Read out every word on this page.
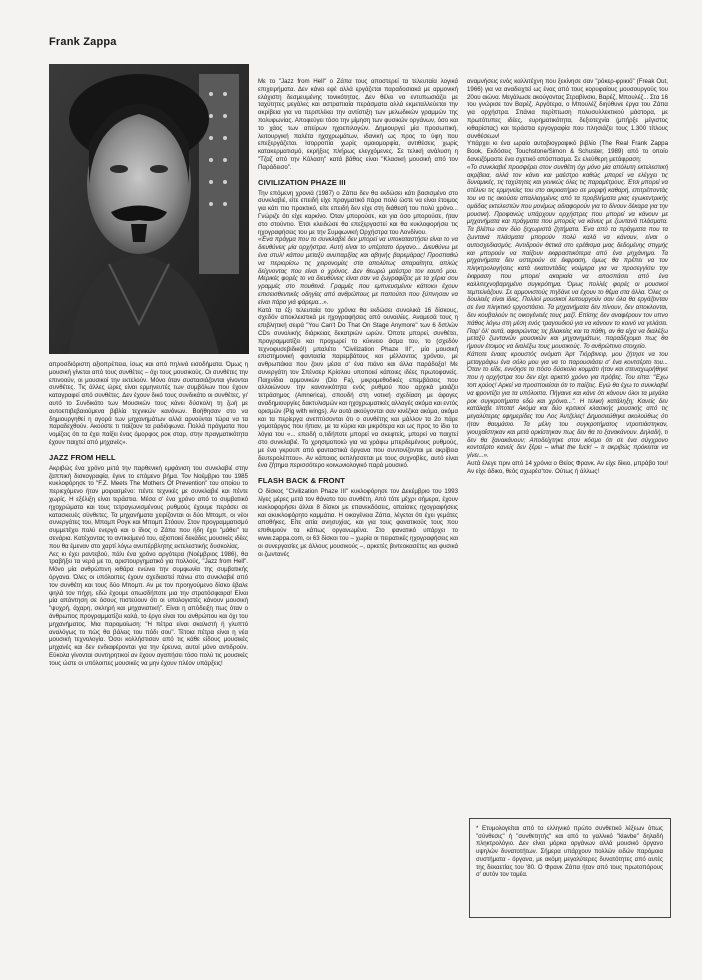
Frank Zappa

απροσδιόριστη αξιοπρέπεια, ίσως και από πηλινά εισοδήματα. Όμως η μουσική γίνεται από τους συνθέτες – όχι τους μουσικούς. Οι συνθέτες την επινοούν, οι μουσικοί την εκτελούν. Μόνο όταν συστασιάζονται γίνονται συνθέτες. Τις άλλες ώρες είναι ερμηνευτές των συμβόλων που έχουν καταγραφεί από συνθέτες. Δεν έχουν δικό τους συνδικάτο οι συνθέτες, γι' αυτό το Συνδικάτο των Μουσικών τους κάνει δύσκολη τη ζωή με αυτοεπιβεβαιούμενα βιβλία τεχνικών κανόνων. Βοήθησαν στο να δημιουργηθεί η αγορά των μηχανημάτων αλλά αρνούνται τώρα να τα παραδεχθούν. Ακούστε τι παίζουν τα ραδιόφωνα. Πολλά πράγματα που νομίζεις ότι τα έχει παίξει ένας όμορφος ροκ σταρ, στην πραγματικότητα έχουν παιχτεί από μηχανές».

JAZZ FROM HELL

Ακριβώς ένα χρόνο μετά την παρθενική εμφάνιση του συνκλαβιέ στην ζαππική δισκογραφία, έγινε το επόμενο βήμα. Τον Νοέμβριο του 1985 κυκλοφόρησε το "F.Z. Meets The Mothers Of Prevention" του οποίου το περιεχόμενο ήταν μοιρασμένο: πέντε τεχνικές με συνκλαβιέ και πέντε χωρίς. Η εξέλιξη είναι τεράστια. Μέσα σ' ένα χρόνο από το συμβατικό ηχοχρώματα και τους τετραγωνισμένους ρυθμούς έχουμε περάσει σε κατασκευές σύνθετες. Τα μηχανήματα χειρίζονται οι δύο Μπομπ, οι νέοι συνεργάτες του, Μπομπ Ρογκ και Μπομπ Στόουν. Στον προγραμματισμό συμμετέχει πολύ ενεργά και ο ίδιος ο Ζάπα που ήδη έχει "μάθει" τα σενάρια. Κατέχοντας το αντικείμενό του, αξιοποιεί δεκάδες μουσικές ιδέες που θα έμεναν στο χαρτί λόγω ανυπέρβλητης εκτελεστικής δυσκολίας.

Λες κι έχει ραντεβού, πάλι ένα χρόνο αργότερα (Νοέμβριος 1986), θα τραβήξει τα νερά με το, αριστουργηματικό για πολλούς, "Jazz from Hell". Μόνο μία ανθρώπινη κιθάρα ενώνει την συμφωνία της συμβατικής όργανα. Όλες οι υπόλοιπες έχουν σχεδιαστεί πάνω στο συνκλαβιέ από τον συνθέτη και τους δύο Μπομπ. Αν με τον προηγούμενο δίσκο έβαλε ψηλά τον πήχη, εδώ έχουμε οπωσδήποτε μια την στρατόσφαιρα! Είναι μία απάντηση σε όσους πιστεύουν ότι οι υπολογιστές κάνουν μουσική "ψυχρή, άχαρη, σκληρή και μηχανιστική". Είναι η απόδειξη πως όταν ο άνθρωπος προγραμματίζει καλά, το έργο είναι του ανθρώπου και όχι του μηχανήματος. Μια παρομοίωση: "Η πέτρα είναι σκαλιστή ή γλυπτό αναλόγως το πώς θα βάλεις του πόδι σου". Τέτοια πέτρα είναι η νέα μουσική τεχνολογία. Όσοι κολλήστισαν από τις κάθε είδους μουσικές μηχανές και δεν ενδιαφέρονται για την έρευνα, αυτοί μόνο αντιδρούν. Εύκολα γίνονται συντηρητικοί αν έχουν αγαπήσει τόσο πολύ τις μουσικές τους ώστε οι υπόλοιπες μουσικές να μην έχουν πλέον υπάρξεις!

Με το "Jazz from Hell" ο Ζάπα τους αποστερεί τα τελευταία λογικά επιχειρήματα. Δεν κάνει εφέ αλλά εργάζεται παραδοσιακά με αρμονική ελάχιστη δεσμευμένης τονικότητας. Δεν θέλει να εντυπωσιάζει με ταχύτητες μεγάλες και αστραπιαία περάσματα αλλά εκμεταλλεύεται την ακρίβεια για να περιπλέκει την αντίστιξη των μελωδικών γραμμών της πολυφωνίας. Αποφεύγει τόσο την μίμηση των φυσικών οργάνων, όσο και το χάος των απείρων ηχοεπιλογών. Δημιουργεί μία προσωπική, λειτουργική παλέτα ηχοχρωμάτων, ιδανική ως προς το ύφη που επεξεργάζεται. Ισορροπία χωρίς ομοιομορφία, αντιθέσεις χωρίς κατακερματισμό, εκρήξεις πλήρως ελεγχόμενες. Σε τελική ανάλυση η "Τζαζ από την Κόλαση" κατά βάθος είναι "Κλασική μουσική από τον Παράδεισο".

CIVILIZATION PHAZE III

Την επόμενη χρονιά (1987) ο Ζάπα δεν θα εκδώσει κάτι βασισμένο στο συνκλαβιέ, είτε επειδή είχε πραγματικό πάρα πολύ ώστε να είναι έτοιμος για κάτι πιο πρακτικό, είτε επειδή δεν είχε στη διάθεσή του πολύ χρόνο... Γνώριζε ότι είχε καρκίνο. Όταν μπορούσε, και για όσο μπορούσε, ήταν στο στούντιο. Έτσι κλειδώσε θα επεξεργαστεί και θα κυκλοφορήσει τις ηχογραφήσεις του με την Συμφωνική Ορχήστρα του Λονδίνου.

«Ένα πράγμα που το συνκλαβιέ δεν μπορεί να υποκαταστήσει είναι το να διευθύνεις μία ορχήστρα. Αυτή είναι το υπέρτατο όργανο... Διευθύνω με ένα στυλ! κάπου μεταξύ ανυπαρξίας και αβηνής βαρεμάρας! Προσπαθώ να περιορίσω τις χειρονομίες στα απολύτως απαραίτητα, απλώς δείχνοντας που είναι ο χρόνος. Δεν θεωρώ μαέστρο τον εαυτό μου. Μερικές φορές το να διευθύνεις είναι σαν να ζωγραφίζεις με τα χέρια σου γραμμές στο πουθενά. Γραμμές που εμπνευσμένοι κάποιοι έχουν επισεισθεντικές οδηγίες από ανθρώπους με παπούτσι που ξύπνησαν να είναι πάρα γιά φάρεμα...».

Κατά τα έξι τελευταία του χρόνια θα εκδώσει συνολικά 16 δίσκους, σχεδόν αποκλειστικά με ηχογραφήσεις από ουναιλίες. Αναμεσά τους η επιβλητική σειρά "You Can't Do That On Stage Anymore" των 6 διπλών CDs συνολικής διάρκειας δεκατριών ωρών. Όποτε μπορεί, συνθέτει, προγραμματίζει και προχωρεί το κύκνειο άσμα του, το (σχεδόν τεχνοφυσεβιδικό!) μπαλέτο "Civilization Phaze III", μία μουσική επιστημονική φαντασία παρεμβάτους και μέλλοντος χρόνου, με ανθρωπάκια που ζουν μέσα σ' ένα πιάνο και άλλα παράδοξα! Με συνεργάτη τον Σπένσερ Κρίσλου υποποιεί κάποιες ιδέες πρωτοφανείς. Παιχνίδια αρμονικών (Dio Fa), μικρομεθοδικές επεμβάσεις που αλλοιώνουν την κανονικότητα ενός ρυθμού που αρχικά μοιάζει τετράσημος (Amnerica), σπουδή στη νοτική σχεδίαση με άφογες αναδημιουργίες δακτυλισμών και ηχοχρωματικές αλλαγές ακόμα και εντός ορισμών (Pig with wings). Αν αυτά ακούγονται σαν κινέζικα ακόμα, ακόμα και τα περίεργα ανεπτύσονται ότι ο συνθέτης και μάλλον τα 2ο πάρε γομοτάργος που ήπιαν, με τα κύρια και μικρότερα και ως προς το ίδιο το λόγια του «... επειδή ο,τιδήποτε μπορεί να σκεφτείς, μπορεί να παιχτεί στο συνκλαβιέ. Το χρησιμοποιώ για να γράφω μπερδεμένους ρυθμούς, με ένα γκρουπ από φανταστικά όργανα που συντονίζονται με ακρίβεια δευτερολέπτου». Αν κάποιος εκπλήσσεται με τους συχνοβίες, αυτό είναι ένα ζήτημα περισσότερο κοινωνιολογικό παρά μουσικό.

FLASH BACK & FRONT

Ο δίσκος "Civilization Phaze III" κυκλοφόρησε τον Δεκέμβριο του 1993 λίγες μέρες μετά τον θάνατο του συνθέτη. Από τότε μέχρι σήμερα, έχουν κυκλοφορήσει άλλοι 8 δίσκοι με επανεκδόσεις, απαίσιες ηχογραφήσεις και ακυκλοφόρητο καμμάτια. Η οικογένεια Ζάπα, λέγεται ότι έχει γεμάτες αποθήκες. Είτε αιτία ανησυχίας, και για τους φανατικούς τους που επιθυμούν τα κάπως οργανωμένα. Στο φανατικό υπάρχει το www.zappa.com, οι 63 δίσκοι του – χωρία οι πειρατικές ηχογραφήσεις και οι συνεργασίες με άλλους μουσικούς –, αρκετές βιντεοκασέτες και φυσικά οι ζωντανές

αναμνήσεις ενός καλλιτέχνη που ξεκίνησε σαν "ρόκερ-φρικιό" (Freak Out, 1966) για να αναδειχτεί ως ένας από τους κορυφαίους μουσουργούς του 20ου αιώνα. Μεγάλωσε ακούγοντας Στραβίνσκι, Βαρέζ, Μπουλέζ... Στα 16 του γνώρισε τον Βαρέζ. Αργότερα, ο Μπουλέζ διηύθυνε έργα του Ζάπα για ορχήστρα. Σπάνια περίπτωση πολυσυλλεκτικού μάστορα, με πρωτότυπες ιδέες, ευρηματικότητα, δεξιοτεχνία (μπήρξε μέγιστος κιθαρίστας) και τεράστια εργογραφία που πλησιάζει τους 1.300 τίτλους συνθέσεων!

Υπάρχει κι ένα ωραίο αυτοβιογραφικό βιβλίο (The Real Frank Zappa Book, Εκδόσεις Touchstone/Simon & Schuster, 1989) από το οποίο δανειζόμαστε ένα σχετικό απόσπασμα. Σε ελεύθερη μετάφραση:

«Το συνκλαβιέ προσφέρει στον συνθέτη όχι μόνο μία απόλυτη εκτελεστική ακρίβεια, αλλά τον κάνει και μαέστρο καθώς μπορεί να ελέγχει τις δυναμικές, τις ταχύτητες και γενικώς όλες τις παραμέτρους. Έτσι μπορεί να στέλνει τις ερμηνείες του στο ακροατήριο σε μορφή καθαρή, επιτρέποντάς του να τις ακούσει απαλλαγμένες από τα προβλήματα μιας εγωκεντρικής ομάδας εκτελεστών που μονίμως αδιαφορούν για το δίνουν δέκαρα για την μουσική. Προφανώς υπάρχουν ορχήστρες που μπορεί να κάνουν με μηχανήματα και πράγματα που μπορείς να κάνεις με ζωντανά πλάσματα. Τα βλέπω σαν δύο ξεχωριστά ζητήματα. Ένα από τα πράγματα που τα ζωντανά πλάσματα μπορούν πολύ καλά να κάνουν, είναι ο αυτοσχεδιασμός. Αντιδρούν θετικά στο ερέθισμα μιας δεδομένης στιγμής και μπορούν να παίζουν εκφραστικότερα από ένα μηχάνημα. Τα μηχανήματα δεν υστερούν σε έκφραση, όμως θα πρέπει να τον πληκτρολογήσεις κατά εκατοντάδες νούμερα για να προσεγγίσει την έκφραση που μπορεί ακαριαία να αποσπάσει από ένα καλλιτεχνοβαρημένο συγκρότημα. Όμως πολλές φορές οι μουσικοί τεμπελιάζουν. Σε αρμονιστούς πηδάνε να έχουν το θέμα στα άλλα. Όλες οι δουλειές είναι ίδιες. Πολλοί μουσικοί λειτουργούν σαν όλα θα εργάζονταν σε ένα πληκτικό εργοστάσιο. Τα μηχανήματα δεν πίνουν, δεν αποκλονται, δεν κουβαλούν τις οικογένειές τους μαζί. Επίσης δεν αναφέρουν τον υπνο πάθος λόγω στη μέση ενός τραγουδιού για να κάνουν το κοινό να γελάσει. Παρ' όλ' αυτά, αφαιρώντας τις βλακείες και τα πάθη, αν θα είχα να διαλέξω μεταξύ ζωντανών μουσικών και μηχανημάτων, παραδέχομαι πως θα ήμουν έτοιμος να διαλέξω τους μουσικούς. Το ανθρώπινο στοιχείο.

Κάποτε έναας κρουστός ονόματι Άρτ Τιόρβινεψ, μου ζήτησε να του μεταγράψω ένα σόλο μου για να το παρουσιάσει σ' ένα κοντσέρτο του... Όταν το είδε, εννόησε το πόσο δύσκολο κομμάτι ήταν και στεναχωρήθηκε που η ορχήστρα του δεν είχε αρκετό χρόνο για πρόβες. Του είπα: "Έχω τοπ κρύος! Αρκεί να προσποιείσαι ότι το παίζεις. Εγώ θα έχω το συνκλαβιέ να φροντίζει για τα υπόλοιπα. Πήγαινε και κάνε ότι κάνουν όλοι τα μεγάλα ροκ συγκροτήματα εδώ και χρόνια...". Η τελική κατάληξη; Κανείς δεν κατάλαβε τίποτα! Ακόμα και δύο κριτικοί κλασικής μουσικής από τις μεγαλύτερες εφημερίδες του Λος Άντζελες! Δημοσιεύθηκε ακολούθως ότι ήταν θαυμάσιο. Τα μέλη του συγκροτήματος ντροπιάστηκαν, γιουχαΐστηκαν και μετά ορκίστηκαν πως δεν θα το ξανακάνουν. Δηλαδή, τι δεν θα ξανακάνουν; Αποδείχτηκε στον κόσμο ότι σε ένα σύγχρονο κοντσέρτο κανείς δεν ξέρει – what the fuck! – τι ακριβώς πρόκειται να γίνει...».

Αυτά έλεγε πριν από 14 χρόνια ο Θείος Φρανκ. Αν είχε δίκιο, μπράβο του! Αν είχε άδικο, θεός σχωρέσ'τον. Ούτως ή άλλως!

* Ετυμολογείται από το ελληνικό πρώτο συνθετικό λέξεων όπως "σύνθεσις" ή "συνθετητής" και από το γαλλικό "klavbe" δηλαδή πληκτρολόγιο. Δεν είναι μόρκα οργάνων αλλά μουσικό όργανο υψηλών δυνατοτήτων. Σήμερα υπάρχουν πολλών ειδών παρόμοια συστήματα - όργανα, με ακόμη μεγαλύτερες δυνατότητες από αυτές της δεκαετίας του '80. Ο Φρανκ Ζάπα ήταν από τους πρωτοπόρους σ' αυτόν τον τομέα.
